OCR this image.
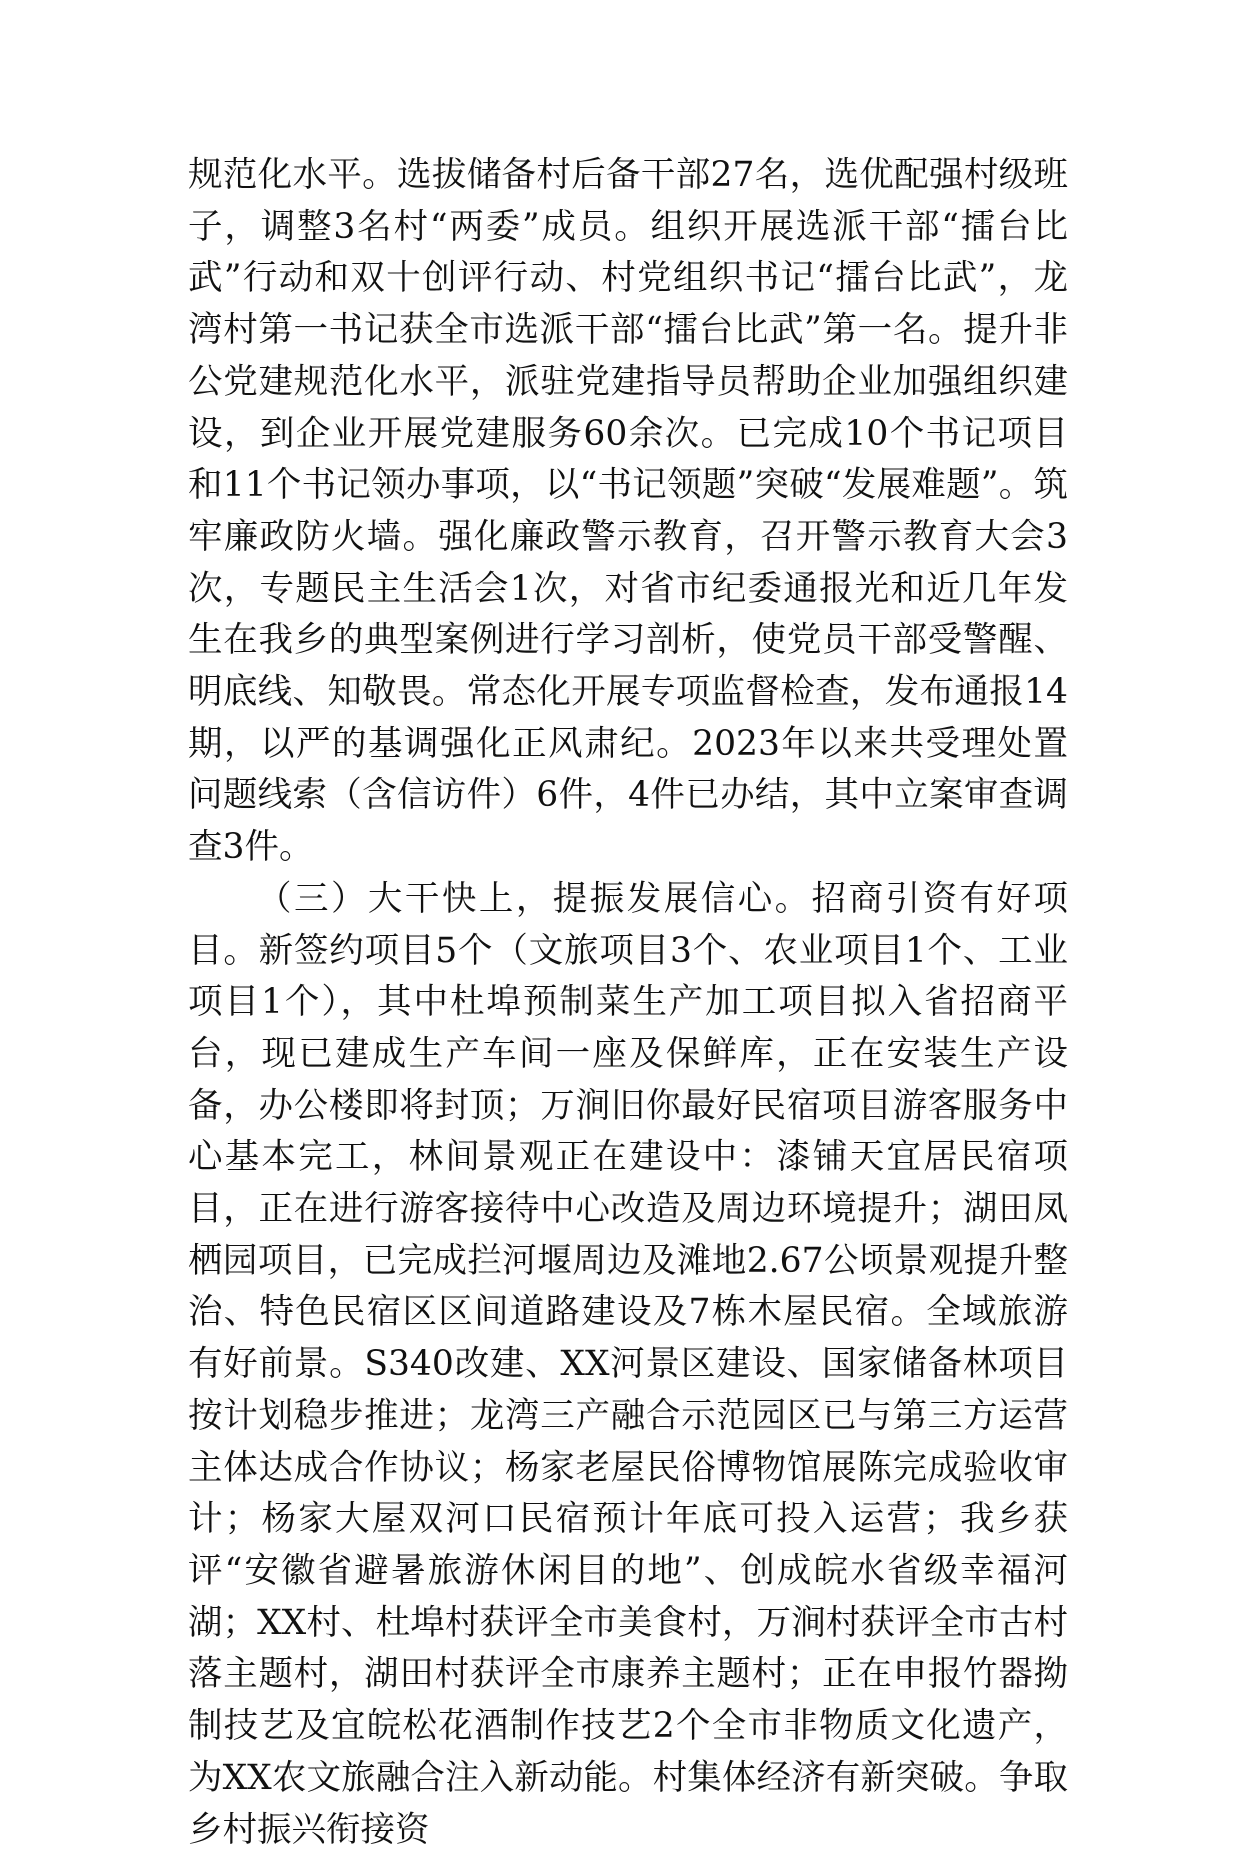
规范化水平。选拔储备村后备干部27名，选优配强村级班子，调整3名村“两委”成员。组织开展选派干部“擂台比武”行动和双十创评行动、村党组织书记“擂台比武”，龙湾村第一书记获全市选派干部“擂台比武”第一名。提升非公党建规范化水平，派驻党建指导员帮助企业加强组织建设，到企业开展党建服务60余次。已完成10个书记项目和11个书记领办事项，以“书记领题”突破“发展难题”。筑牢廉政防火墙。强化廉政警示教育，召开警示教育大会3次，专题民主生活会1次，对省市纪委通报光和近几年发生在我乡的典型案例进行学习剖析，使党员干部受警醒、明底线、知敬畏。常态化开展专项监督检查，发布通报14期，以严的基调强化正风肃纪。2023年以来共受理处置问题线索（含信访件）6件，4件已办结，其中立案审查调查3件。

（三）大干快上，提振发展信心。招商引资有好项目。新签约项目5个（文旅项目3个、农业项目1个、工业项目1个），其中杜埠预制菜生产加工项目拟入省招商平台，现已建成生产车间一座及保鲜库，正在安装生产设备，办公楼即将封顶；万涧旧你最好民宿项目游客服务中心基本完工，林间景观正在建设中：漆铺天宜居民宿项目，正在进行游客接待中心改造及周边环境提升；湖田凤栖园项目，已完成拦河堰周边及滩地2.67公顷景观提升整治、特色民宿区区间道路建设及7栋木屋民宿。全域旅游有好前景。S340改建、XX河景区建设、国家储备林项目按计划稳步推进；龙湾三产融合示范园区已与第三方运营主体达成合作协议；杨家老屋民俗博物馆展陈完成验收审计；杨家大屋双河口民宿预计年底可投入运营；我乡获评“安徽省避暑旅游休闲目的地”、创成皖水省级幸福河湖；XX村、杜埠村获评全市美食村，万涧村获评全市古村落主题村，湖田村获评全市康养主题村；正在申报竹器拗制技艺及宜皖松花酒制作技艺2个全市非物质文化遗产，为XX农文旅融合注入新动能。村集体经济有新突破。争取乡村振兴衔接资
